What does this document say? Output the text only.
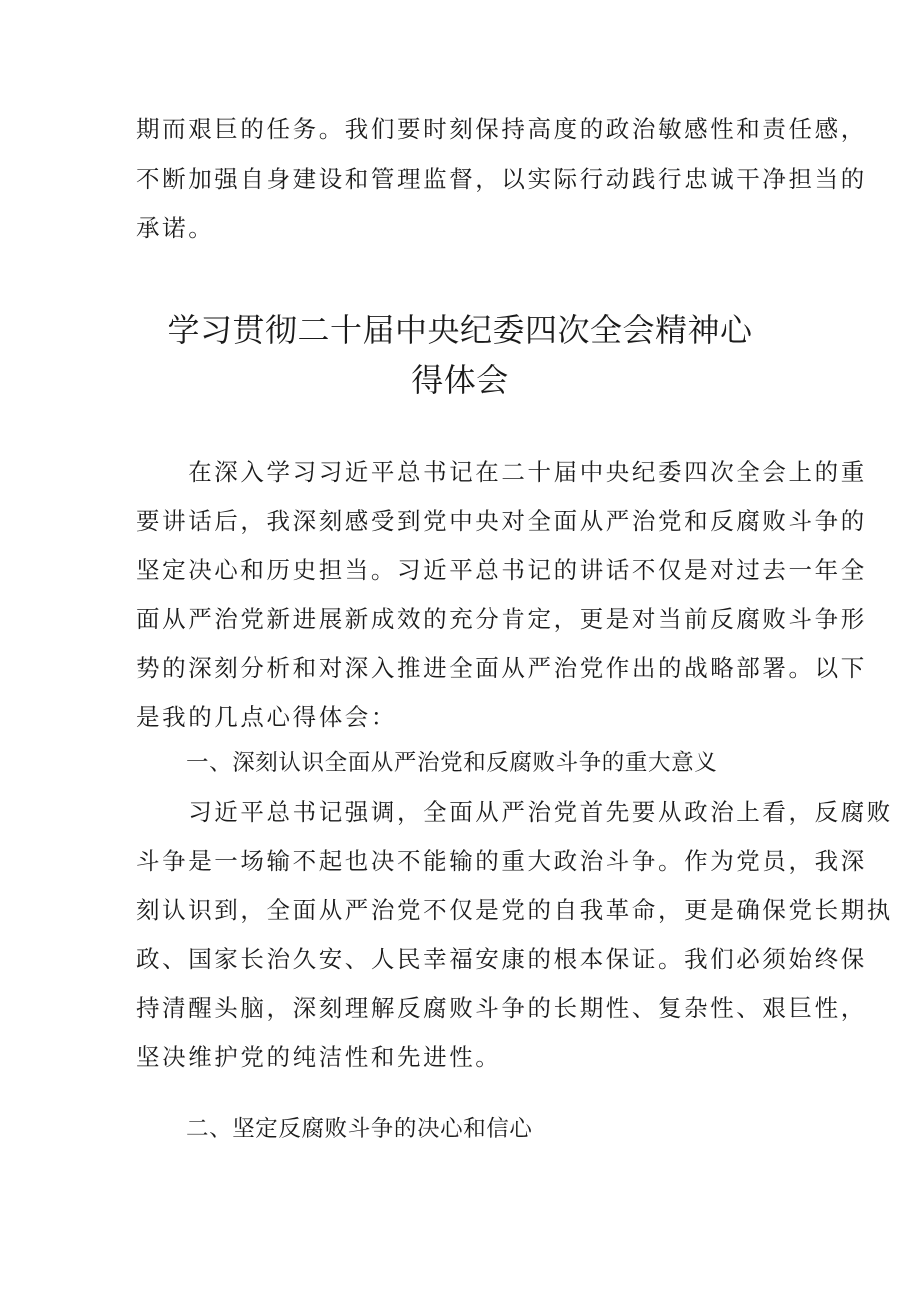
期而艰巨的任务。我们要时刻保持高度的政治敏感性和责任感，
不断加强自身建设和管理监督，以实际行动践行忠诚干净担当的
承诺。
学习贯彻二十届中央纪委四次全会精神心
得体会
　　在深入学习习近平总书记在二十届中央纪委四次全会上的重
要讲话后，我深刻感受到党中央对全面从严治党和反腐败斗争的
坚定决心和历史担当。习近平总书记的讲话不仅是对过去一年全
面从严治党新进展新成效的充分肯定，更是对当前反腐败斗争形
势的深刻分析和对深入推进全面从严治党作出的战略部署。以下
是我的几点心得体会：
一、深刻认识全面从严治党和反腐败斗争的重大意义
　　习近平总书记强调，全面从严治党首先要从政治上看，反腐败
斗争是一场输不起也决不能输的重大政治斗争。作为党员，我深
刻认识到，全面从严治党不仅是党的自我革命，更是确保党长期执
政、国家长治久安、人民幸福安康的根本保证。我们必须始终保
持清醒头脑，深刻理解反腐败斗争的长期性、复杂性、艰巨性，
坚决维护党的纯洁性和先进性。
二、坚定反腐败斗争的决心和信心
